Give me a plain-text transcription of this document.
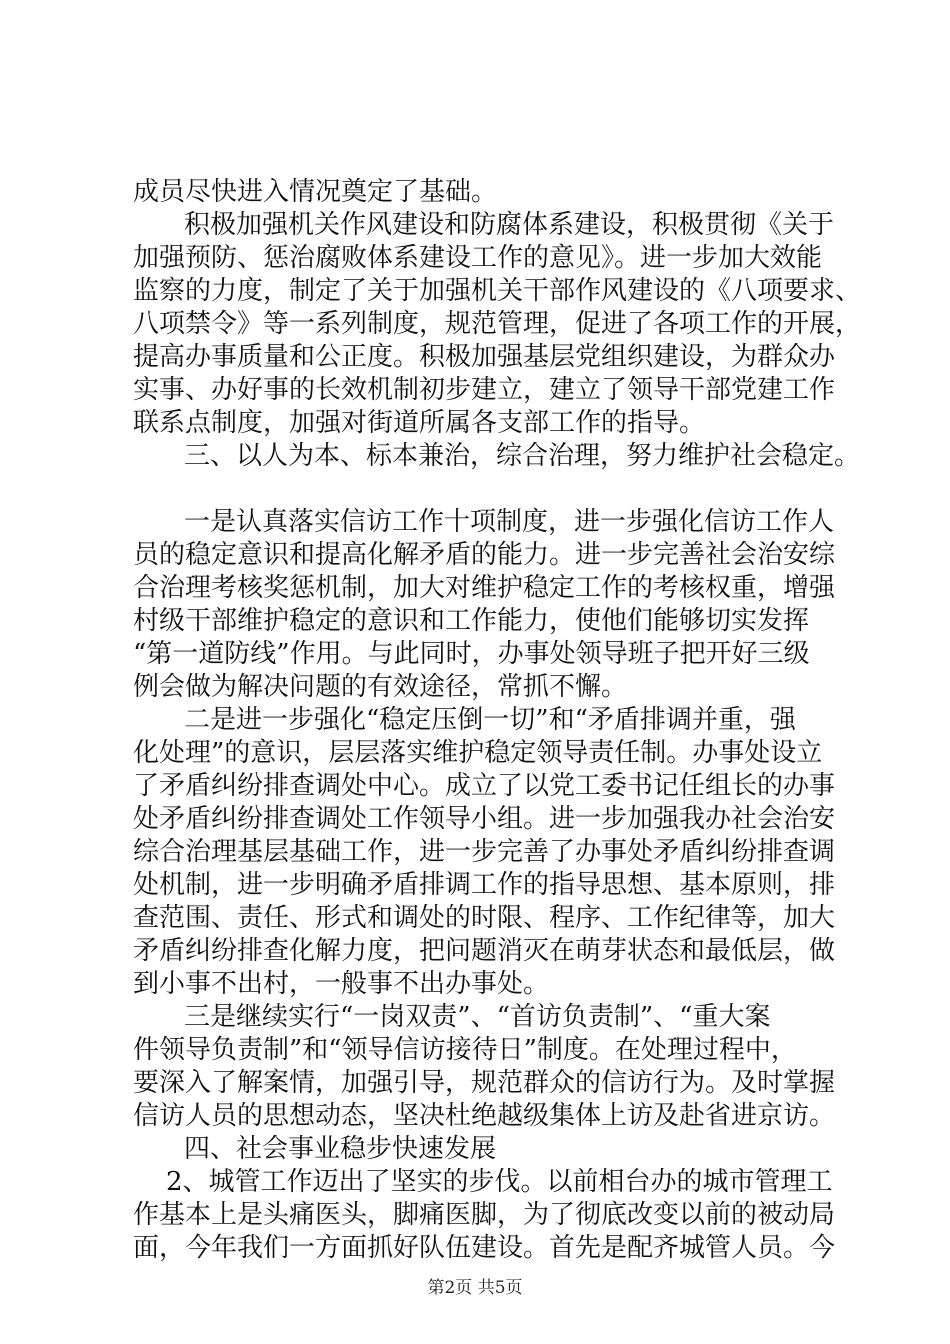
成员尽快进入情况奠定了基础。
积极加强机关作风建设和防腐体系建设，积极贯彻《关于
加强预防、惩治腐败体系建设工作的意见》。进一步加大效能
监察的力度，制定了关于加强机关干部作风建设的《八项要求、
八项禁令》等一系列制度，规范管理，促进了各项工作的开展，
提高办事质量和公正度。积极加强基层党组织建设，为群众办
实事、办好事的长效机制初步建立，建立了领导干部党建工作
联系点制度，加强对街道所属各支部工作的指导。
三、以人为本、标本兼治，综合治理，努力维护社会稳定。
一是认真落实信访工作十项制度，进一步强化信访工作人
员的稳定意识和提高化解矛盾的能力。进一步完善社会治安综
合治理考核奖惩机制，加大对维护稳定工作的考核权重，增强
村级干部维护稳定的意识和工作能力，使他们能够切实发挥
“第一道防线”作用。与此同时，办事处领导班子把开好三级
例会做为解决问题的有效途径，常抓不懈。
二是进一步强化“稳定压倒一切”和“矛盾排调并重，强
化处理”的意识，层层落实维护稳定领导责任制。办事处设立
了矛盾纠纷排查调处中心。成立了以党工委书记任组长的办事
处矛盾纠纷排查调处工作领导小组。进一步加强我办社会治安
综合治理基层基础工作，进一步完善了办事处矛盾纠纷排查调
处机制，进一步明确矛盾排调工作的指导思想、基本原则，排
查范围、责任、形式和调处的时限、程序、工作纪律等，加大
矛盾纠纷排查化解力度，把问题消灭在萌芽状态和最低层，做
到小事不出村，一般事不出办事处。
三是继续实行“一岗双责”、“首访负责制”、“重大案
件领导负责制”和“领导信访接待日”制度。在处理过程中，
要深入了解案情，加强引导，规范群众的信访行为。及时掌握
信访人员的思想动态，坚决杜绝越级集体上访及赴省进京访。
四、社会事业稳步快速发展
2、城管工作迈出了坚实的步伐。以前相台办的城市管理工
作基本上是头痛医头，脚痛医脚，为了彻底改变以前的被动局
面，今年我们一方面抓好队伍建设。首先是配齐城管人员。今
第2页 共5页
